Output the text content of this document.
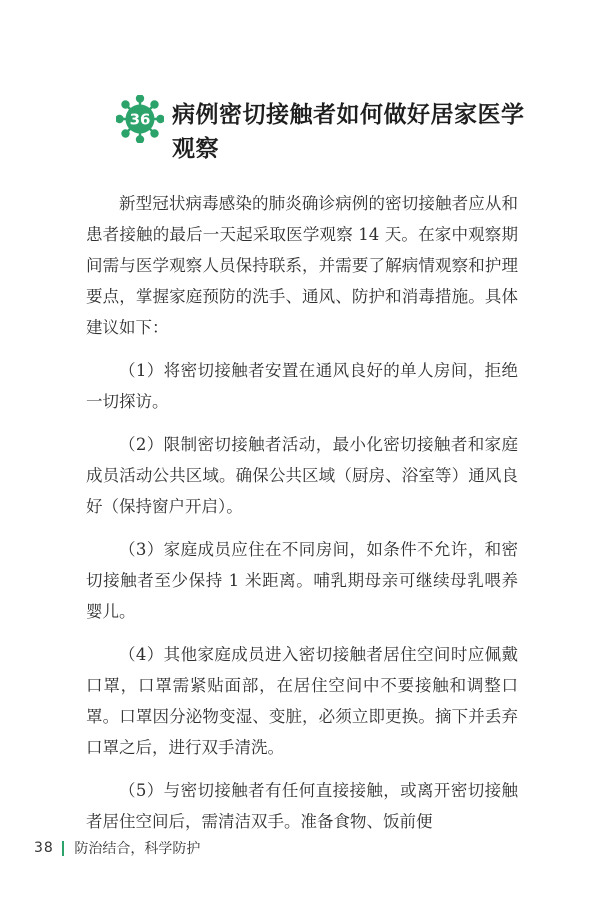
36 病例密切接触者如何做好居家医学观察

新型冠状病毒感染的肺炎确诊病例的密切接触者应从和患者接触的最后一天起采取医学观察 14 天。在家中观察期间需与医学观察人员保持联系，并需要了解病情观察和护理要点，掌握家庭预防的洗手、通风、防护和消毒措施。具体建议如下：

（1）将密切接触者安置在通风良好的单人房间，拒绝一切探访。

（2）限制密切接触者活动，最小化密切接触者和家庭成员活动公共区域。确保公共区域（厨房、浴室等）通风良好（保持窗户开启）。

（3）家庭成员应住在不同房间，如条件不允许，和密切接触者至少保持 1 米距离。哺乳期母亲可继续母乳喂养婴儿。

（4）其他家庭成员进入密切接触者居住空间时应佩戴口罩，口罩需紧贴面部，在居住空间中不要接触和调整口罩。口罩因分泌物变湿、变脏，必须立即更换。摘下并丢弃口罩之后，进行双手清洗。

（5）与密切接触者有任何直接接触，或离开密切接触者居住空间后，需清洁双手。准备食物、饭前便

38 防治结合，科学防护
